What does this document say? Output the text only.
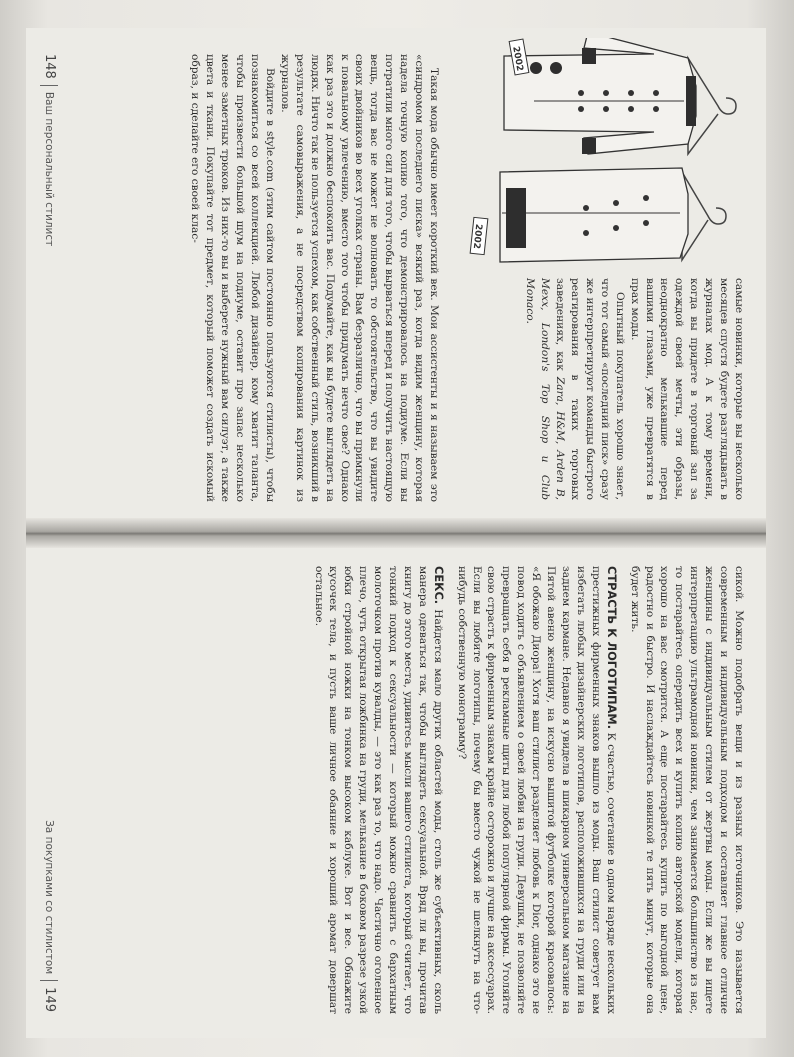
2002
2002

самые новинки, которые вы несколько месяцев спустя будете разглядывать в журналах мод. А к тому времени, когда вы придете в торговый зал за одеждой своей мечты, эти образы, неоднократно мелькавшие перед вашими глазами, уже превратятся в прах моды.

Опытный покупатель хорошо знает, что тот самый «последний писк» сразу же интерпретируют команды быстрого реагирования в таких торговых заведениях, как Zara, H&M, Arden B, Mexx, London's Top Shop и Club Monaco.

Такая мода обычно имеет короткий век. Мои ассистенты и я называем это «синдромом последнего писка» всякий раз, когда видим женщину, которая надела точную копию того, что демонстрировалось на подиуме. Если вы потратили много сил для того, чтобы вырваться вперед и получить настоящую вещь, тогда вас не может не волновать то обстоятельство, что вы увидите своих двойников во всех уголках страны. Вам безразлично, что вы примкнули к повальному увлечению, вместо того чтобы придумать нечто свое? Однако как раз это и должно беспокоить вас. Подумайте, как вы будете выглядеть на людях. Ничто так не пользуется успехом, как собственный стиль, возникший в результате самовыражения, а не посредством копирования картинок из журналов.

Войдите в style.com (этим сайтом постоянно пользуются стилисты), чтобы познакомиться со всей коллекцией. Любой дизайнер, кому хватит таланта, чтобы произвести большой шум на подиуме, оставит про запас несколько менее заметных трюков. Из них-то вы и выберете нужный вам силуэт, а также цвета и ткани. Покупайте тот предмет, который поможет создать искомый образ, и сделайте его своей клас-

148Ваш персональный стилист

сикой. Можно подобрать вещи и из разных источников. Это называется современным и индивидуальным подходом и составляет главное отличие женщины с индивидуальным стилем от жертвы моды. Если же вы ищете интерпретацию ультрамодной новинки, чем занимается большинство из нас, то постарайтесь опередить всех и купить копию авторской модели, которая хорошо на вас смотрится. А еще постарайтесь купить по выгодной цене, радостно и быстро. И наслаждайтесь новинкой те пять минут, которые она будет жить.

СТРАСТЬ К ЛОГОТИПАМ. К счастью, сочетание в одном наряде нескольких престижных фирменных знаков вышло из моды. Ваш стилист советует вам избегать любых дизайнерских логотипов, расположившихся на груди или на заднем кармане. Недавно я увидела в шикарном универсальном магазине на Пятой авеню женщину, на искусно вышитой футболке которой красовалось: «Я обожаю Диора! Хотя ваш стилист разделяет любовь к Dior, однако это не повод ходить с объявлением о своей любви на груди. Девушки, не позволяйте превращать себя в рекламные щиты для любой популярной фирмы. Уголяйте свою страсть к фирменным знакам крайне осторожно и лучше на аксессуарах. Если вы любите логотипы, почему бы вместо чужой не шелкнуть на что-нибудь собственную монограмму?

СЕКС. Найдется мало других областей моды, столь же субъективных, сколь манера одеваться так, чтобы выглядеть сексуальной. Вряд ли вы, прочитав книгу до этого места, удивитесь мысли вашего стилиста, который считает, что тонкий подход к сексуальности — который можно сравнить с бархатным молоточком против кувалды, — это как раз то, что надо. Частично оголенное плечо, чуть открытая ложбинка на груди, мелькание в боковом разрезе узкой юбки стройной ножки на тонком высоком каблуке. Вот и все. Обнажите кусочек тела, и пусть ваше личное обаяние и хороший аромат довершат остальное.

За покупками со стилистом149
